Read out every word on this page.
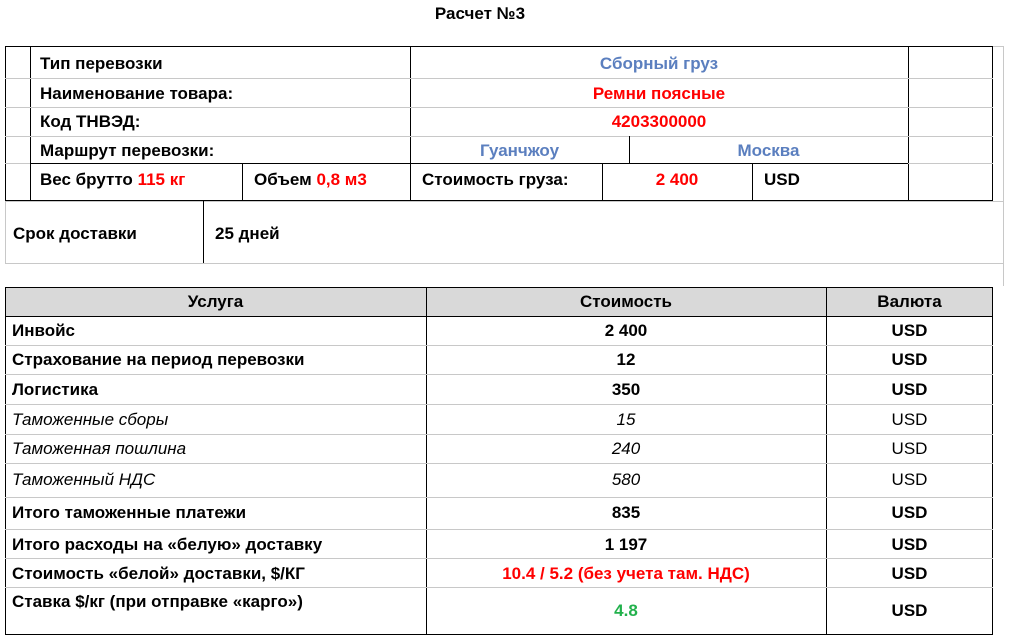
Расчет №3
Тип перевозки	Сборный груз
Наименование товара:	Ремни поясные
Код ТНВЭД:	4203300000
Маршрут перевозки:	Гуанчжоу	Москва
Вес брутто 115 кг	Объем 0,8 м3	Стоимость груза:	2 400	USD
Срок доставки	25 дней
Услуга	Стоимость	Валюта
Инвойс	2 400	USD
Страхование на период перевозки	12	USD
Логистика	350	USD
Таможенные сборы	15	USD
Таможенная пошлина	240	USD
Таможенный НДС	580	USD
Итого таможенные платежи	835	USD
Итого расходы на «белую» доставку	1 197	USD
Стоимость «белой» доставки, $/КГ	10.4 / 5.2 (без учета там. НДС)	USD
Ставка $/кг (при отправке «карго»)	4.8	USD
